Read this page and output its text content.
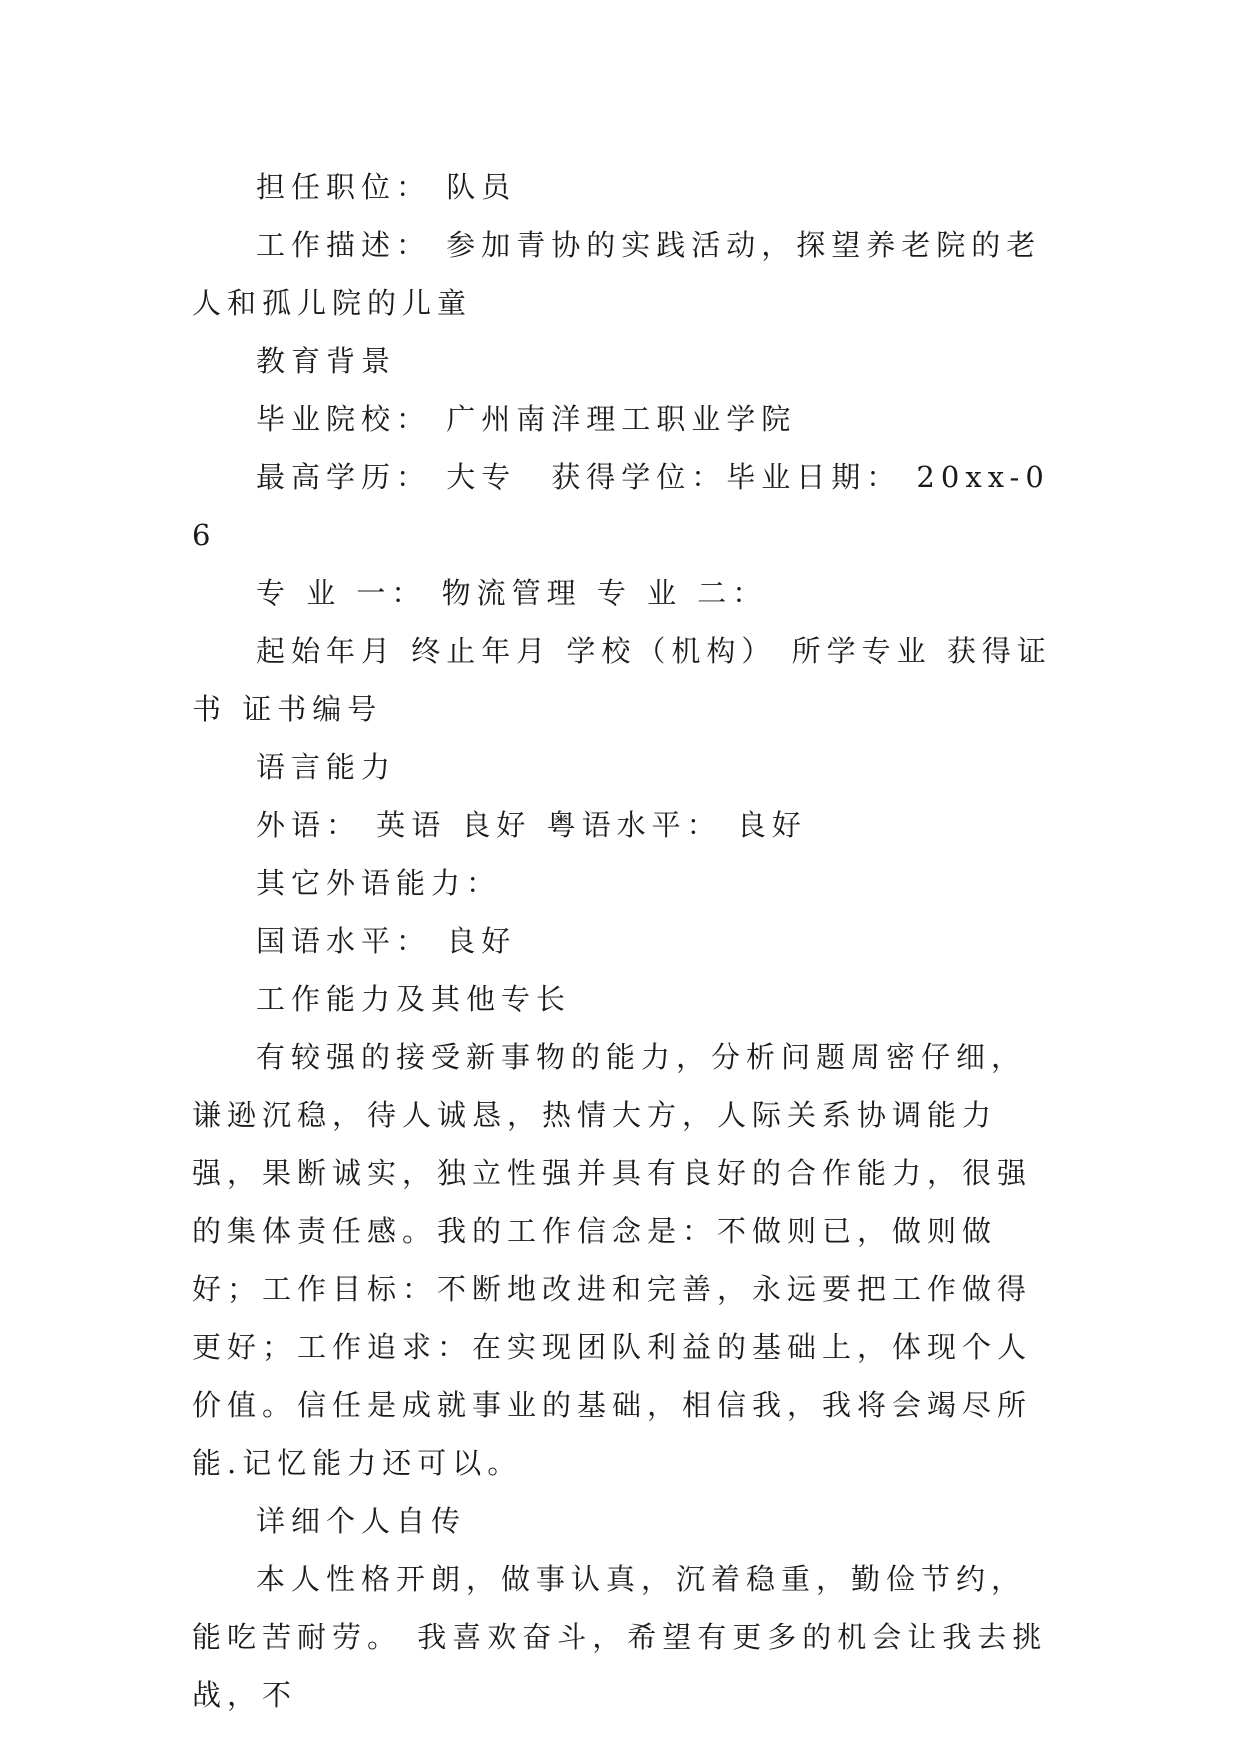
担任职位： 队员

工作描述： 参加青协的实践活动，探望养老院的老人和孤儿院的儿童

教育背景

毕业院校： 广州南洋理工职业学院

最高学历： 大专　获得学位：毕业日期： 20xx-06

专 业 一： 物流管理 专 业 二：

起始年月 终止年月 学校（机构） 所学专业 获得证书 证书编号

语言能力

外语： 英语 良好 粤语水平： 良好

其它外语能力：

国语水平： 良好

工作能力及其他专长

有较强的接受新事物的能力，分析问题周密仔细，谦逊沉稳，待人诚恳，热情大方，人际关系协调能力强，果断诚实，独立性强并具有良好的合作能力，很强的集体责任感。我的工作信念是：不做则已，做则做好；工作目标：不断地改进和完善，永远要把工作做得更好；工作追求：在实现团队利益的基础上，体现个人价值。信任是成就事业的基础，相信我，我将会竭尽所能.记忆能力还可以。

详细个人自传

本人性格开朗，做事认真，沉着稳重，勤俭节约，能吃苦耐劳。 我喜欢奋斗，希望有更多的机会让我去挑战，不
